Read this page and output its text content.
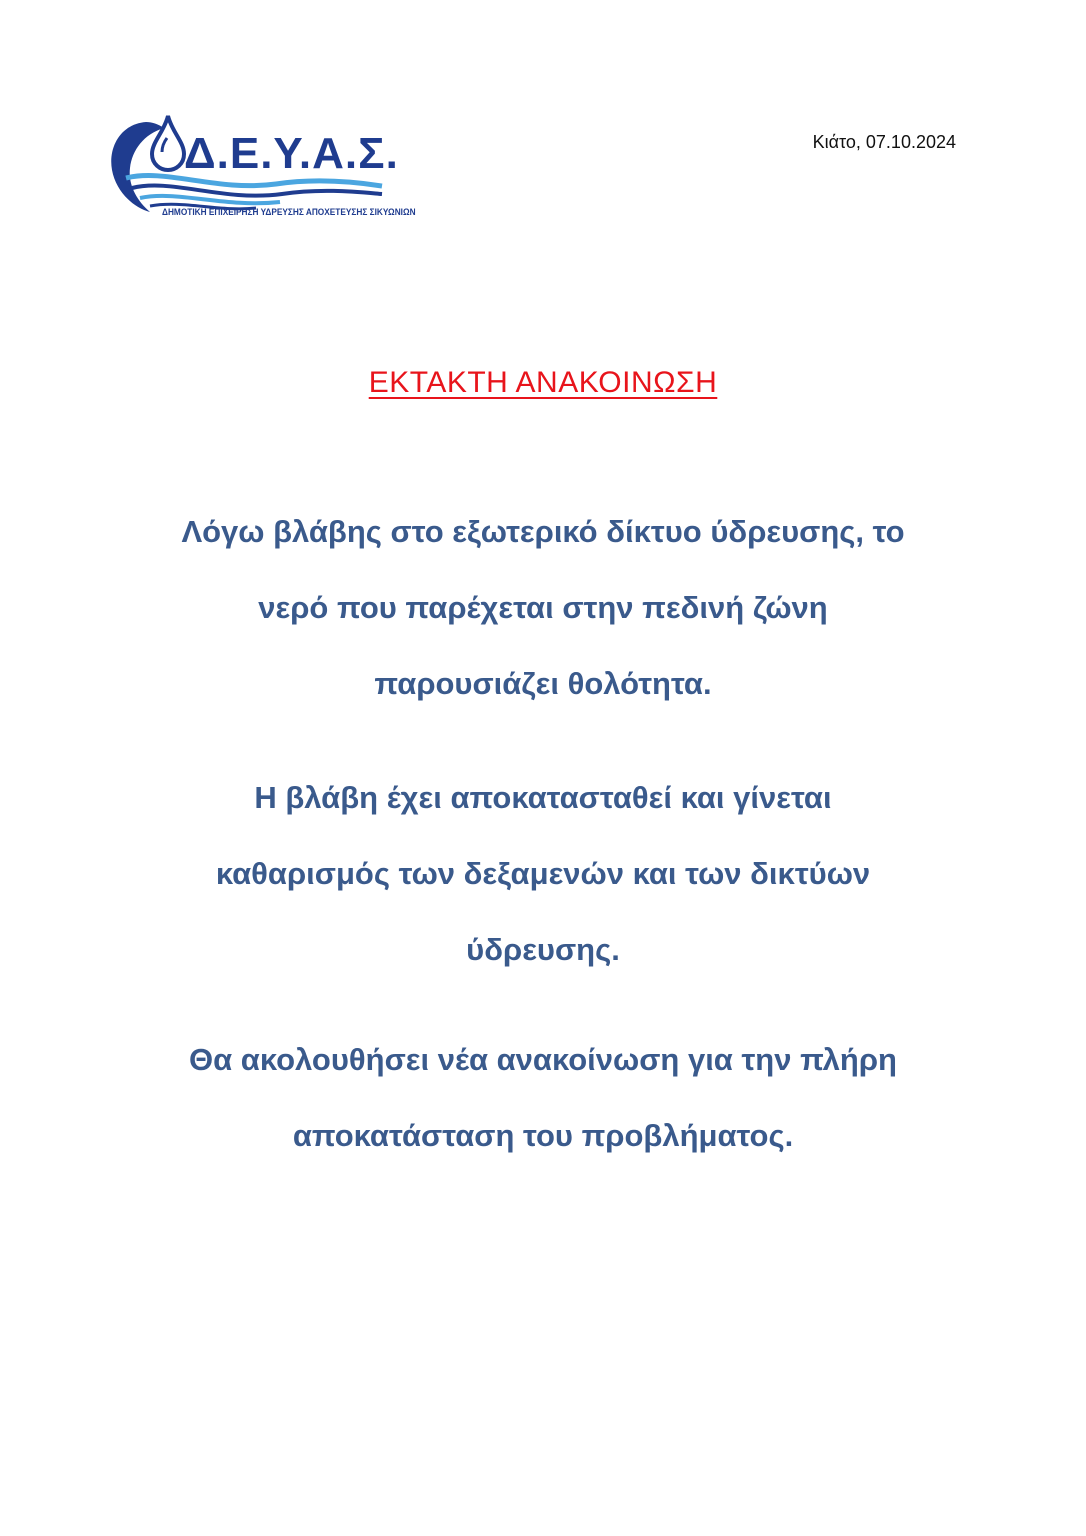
Δ.Ε.Υ.Α.Σ.
ΔΗΜΟΤΙΚΗ ΕΠΙΧΕΙΡΗΣΗ ΥΔΡΕΥΣΗΣ ΑΠΟΧΕΤΕΥΣΗΣ ΣΙΚΥΩΝΙΩΝ
Κιάτο, 07.10.2024
ΕΚΤΑΚΤΗ ΑΝΑΚΟΙΝΩΣΗ
Λόγω βλάβης στο εξωτερικό δίκτυο ύδρευσης, το
νερό που παρέχεται στην πεδινή ζώνη
παρουσιάζει θολότητα.
Η βλάβη έχει αποκατασταθεί και γίνεται
καθαρισμός των δεξαμενών και των δικτύων
ύδρευσης.
Θα ακολουθήσει νέα ανακοίνωση για την πλήρη
αποκατάσταση του προβλήματος.
